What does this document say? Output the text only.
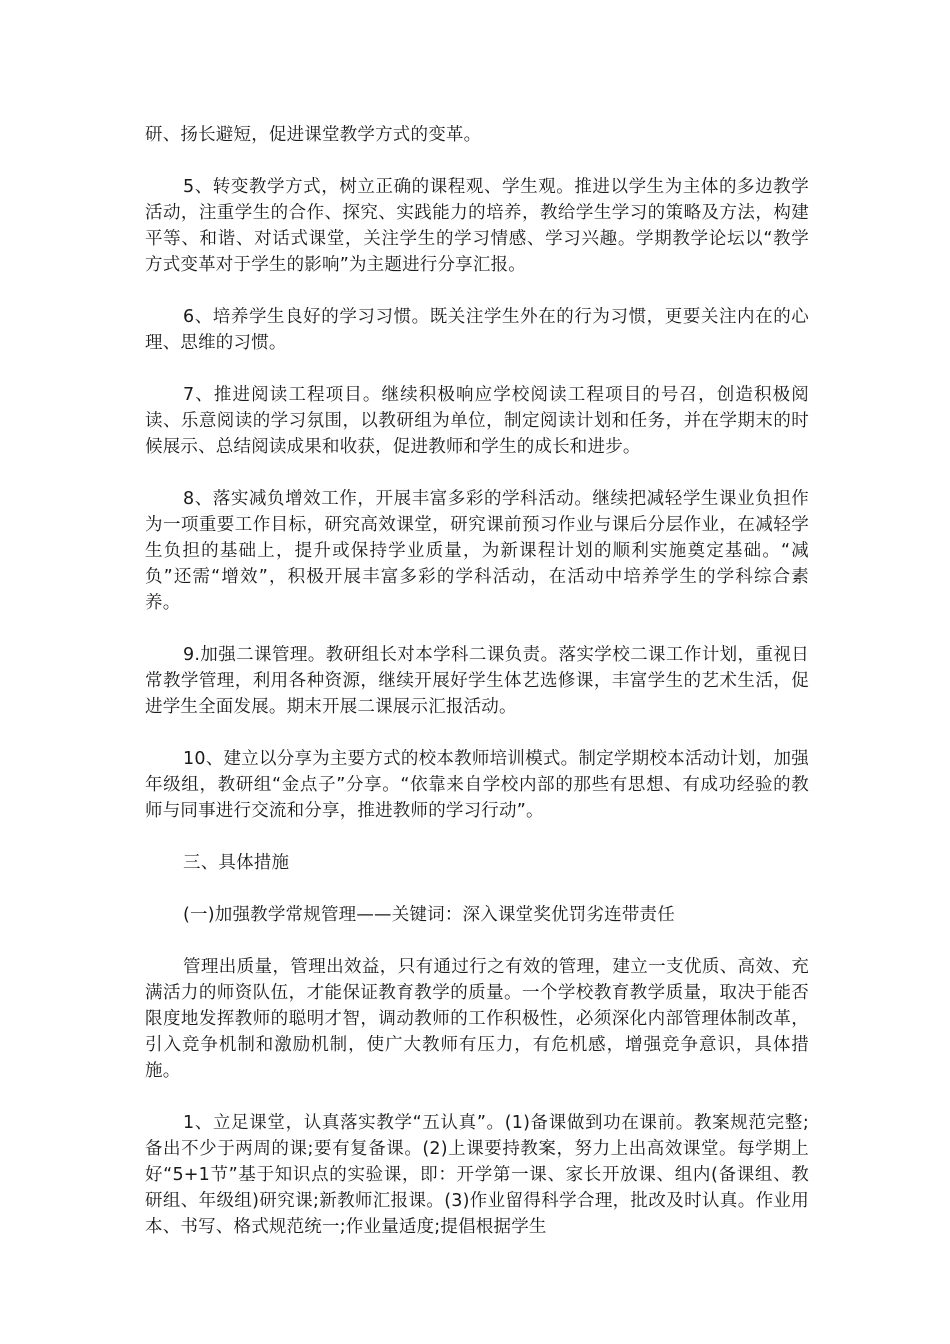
研、扬长避短，促进课堂教学方式的变革。

5、转变教学方式，树立正确的课程观、学生观。推进以学生为主体的多边教学活动，注重学生的合作、探究、实践能力的培养，教给学生学习的策略及方法，构建平等、和谐、对话式课堂，关注学生的学习情感、学习兴趣。学期教学论坛以“教学方式变革对于学生的影响”为主题进行分享汇报。

6、培养学生良好的学习习惯。既关注学生外在的行为习惯，更要关注内在的心理、思维的习惯。

7、推进阅读工程项目。继续积极响应学校阅读工程项目的号召，创造积极阅读、乐意阅读的学习氛围，以教研组为单位，制定阅读计划和任务，并在学期末的时候展示、总结阅读成果和收获，促进教师和学生的成长和进步。

8、落实减负增效工作，开展丰富多彩的学科活动。继续把减轻学生课业负担作为一项重要工作目标，研究高效课堂，研究课前预习作业与课后分层作业，在减轻学生负担的基础上，提升或保持学业质量，为新课程计划的顺利实施奠定基础。“减负”还需“增效”，积极开展丰富多彩的学科活动，在活动中培养学生的学科综合素养。

9.加强二课管理。教研组长对本学科二课负责。落实学校二课工作计划，重视日常教学管理，利用各种资源，继续开展好学生体艺选修课，丰富学生的艺术生活，促进学生全面发展。期末开展二课展示汇报活动。

10、建立以分享为主要方式的校本教师培训模式。制定学期校本活动计划，加强年级组，教研组“金点子”分享。“依靠来自学校内部的那些有思想、有成功经验的教师与同事进行交流和分享，推进教师的学习行动”。

三、具体措施

(一)加强教学常规管理——关键词：深入课堂奖优罚劣连带责任

管理出质量，管理出效益，只有通过行之有效的管理，建立一支优质、高效、充满活力的师资队伍，才能保证教育教学的质量。一个学校教育教学质量，取决于能否限度地发挥教师的聪明才智，调动教师的工作积极性，必须深化内部管理体制改革，引入竞争机制和激励机制，使广大教师有压力，有危机感，增强竞争意识，具体措施。

1、立足课堂，认真落实教学“五认真”。(1)备课做到功在课前。教案规范完整;备出不少于两周的课;要有复备课。(2)上课要持教案，努力上出高效课堂。每学期上好“5+1节”基于知识点的实验课，即：开学第一课、家长开放课、组内(备课组、教研组、年级组)研究课;新教师汇报课。(3)作业留得科学合理，批改及时认真。作业用本、书写、格式规范统一;作业量适度;提倡根据学生
